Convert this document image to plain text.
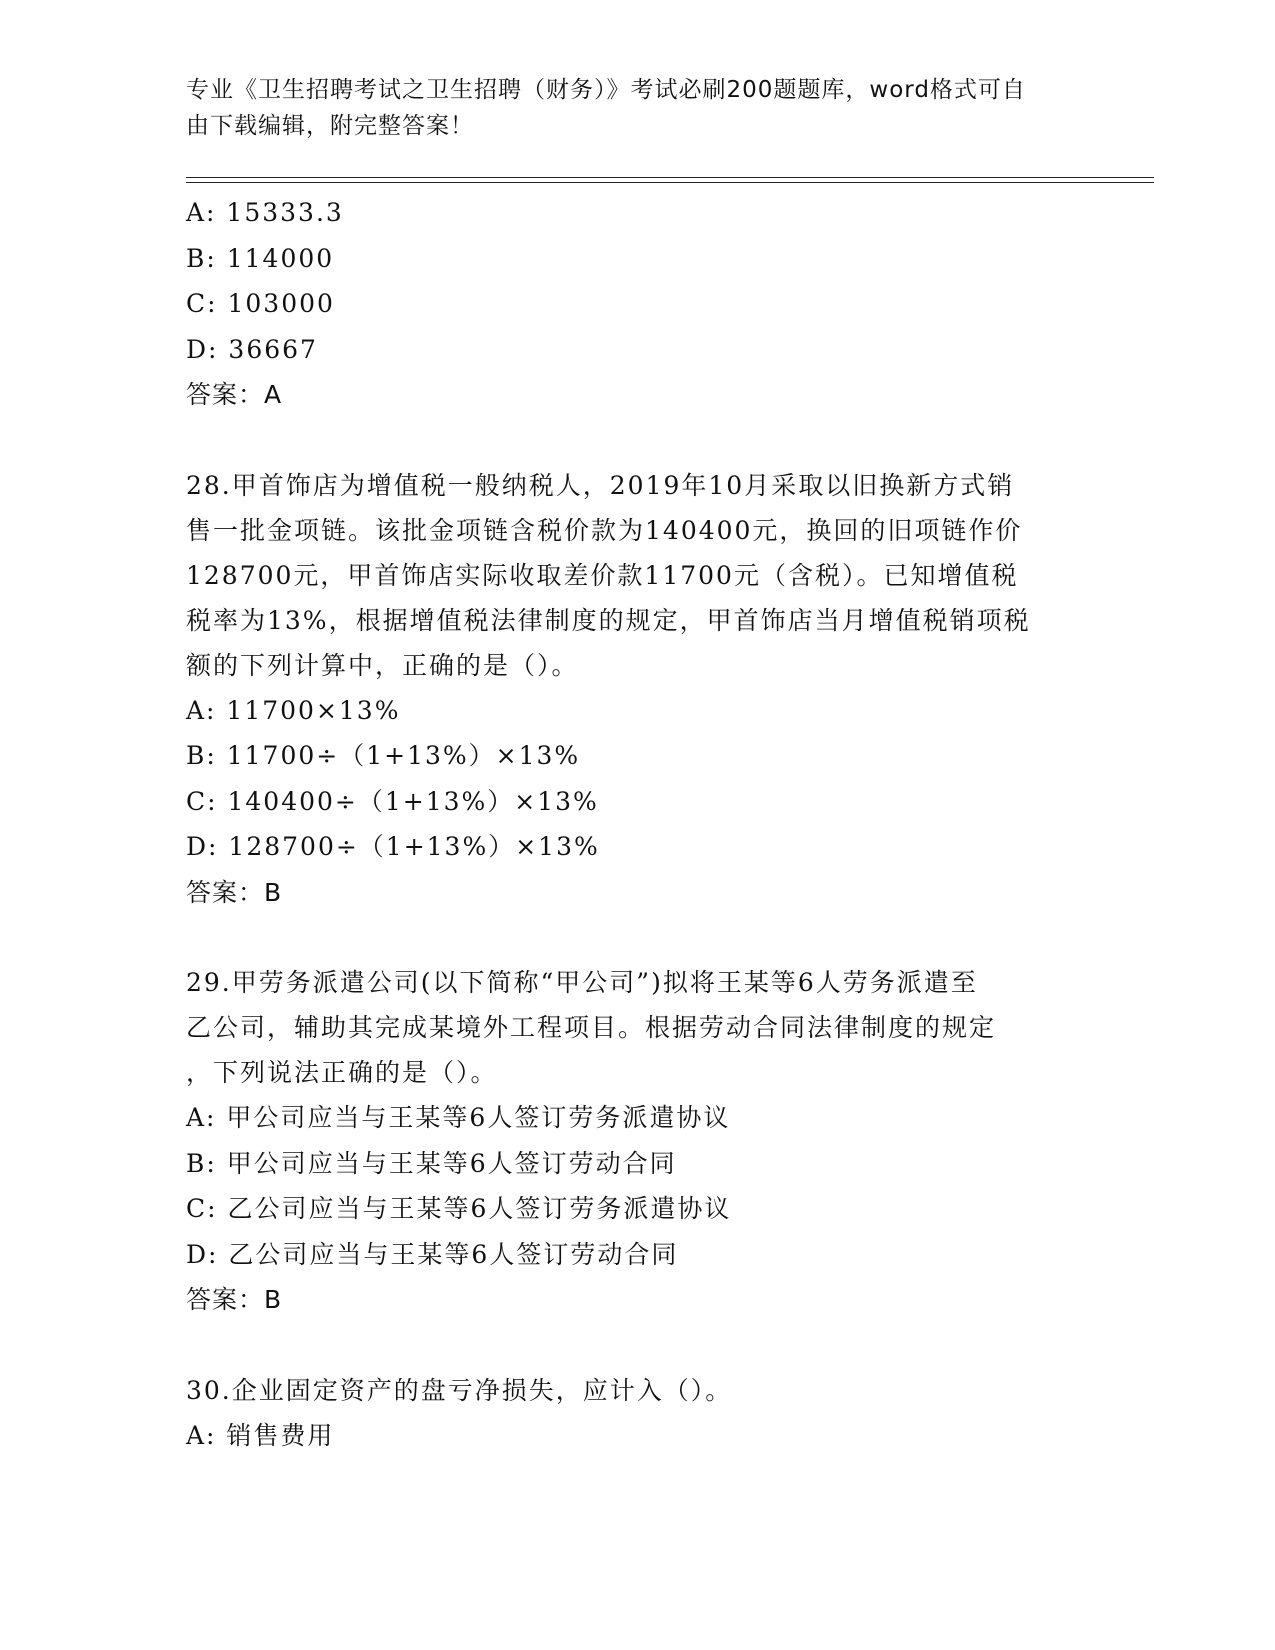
专业《卫生招聘考试之卫生招聘（财务）》考试必刷200题题库，word格式可自
由下载编辑，附完整答案！
A: 15333.3
B: 114000
C: 103000
D: 36667
答案：A
28.甲首饰店为增值税一般纳税人，2019年10月采取以旧换新方式销
售一批金项链。该批金项链含税价款为140400元，换回的旧项链作价
128700元，甲首饰店实际收取差价款11700元（含税）。已知增值税
税率为13%，根据增值税法律制度的规定，甲首饰店当月增值税销项税
额的下列计算中，正确的是（）。
A: 11700×13%
B: 11700÷（1+13%）×13%
C: 140400÷（1+13%）×13%
D: 128700÷（1+13%）×13%
答案：B
29.甲劳务派遣公司(以下简称“甲公司”)拟将王某等6人劳务派遣至
乙公司，辅助其完成某境外工程项目。根据劳动合同法律制度的规定
，下列说法正确的是（）。
A: 甲公司应当与王某等6人签订劳务派遣协议
B: 甲公司应当与王某等6人签订劳动合同
C: 乙公司应当与王某等6人签订劳务派遣协议
D: 乙公司应当与王某等6人签订劳动合同
答案：B
30.企业固定资产的盘亏净损失，应计入（）。
A: 销售费用
